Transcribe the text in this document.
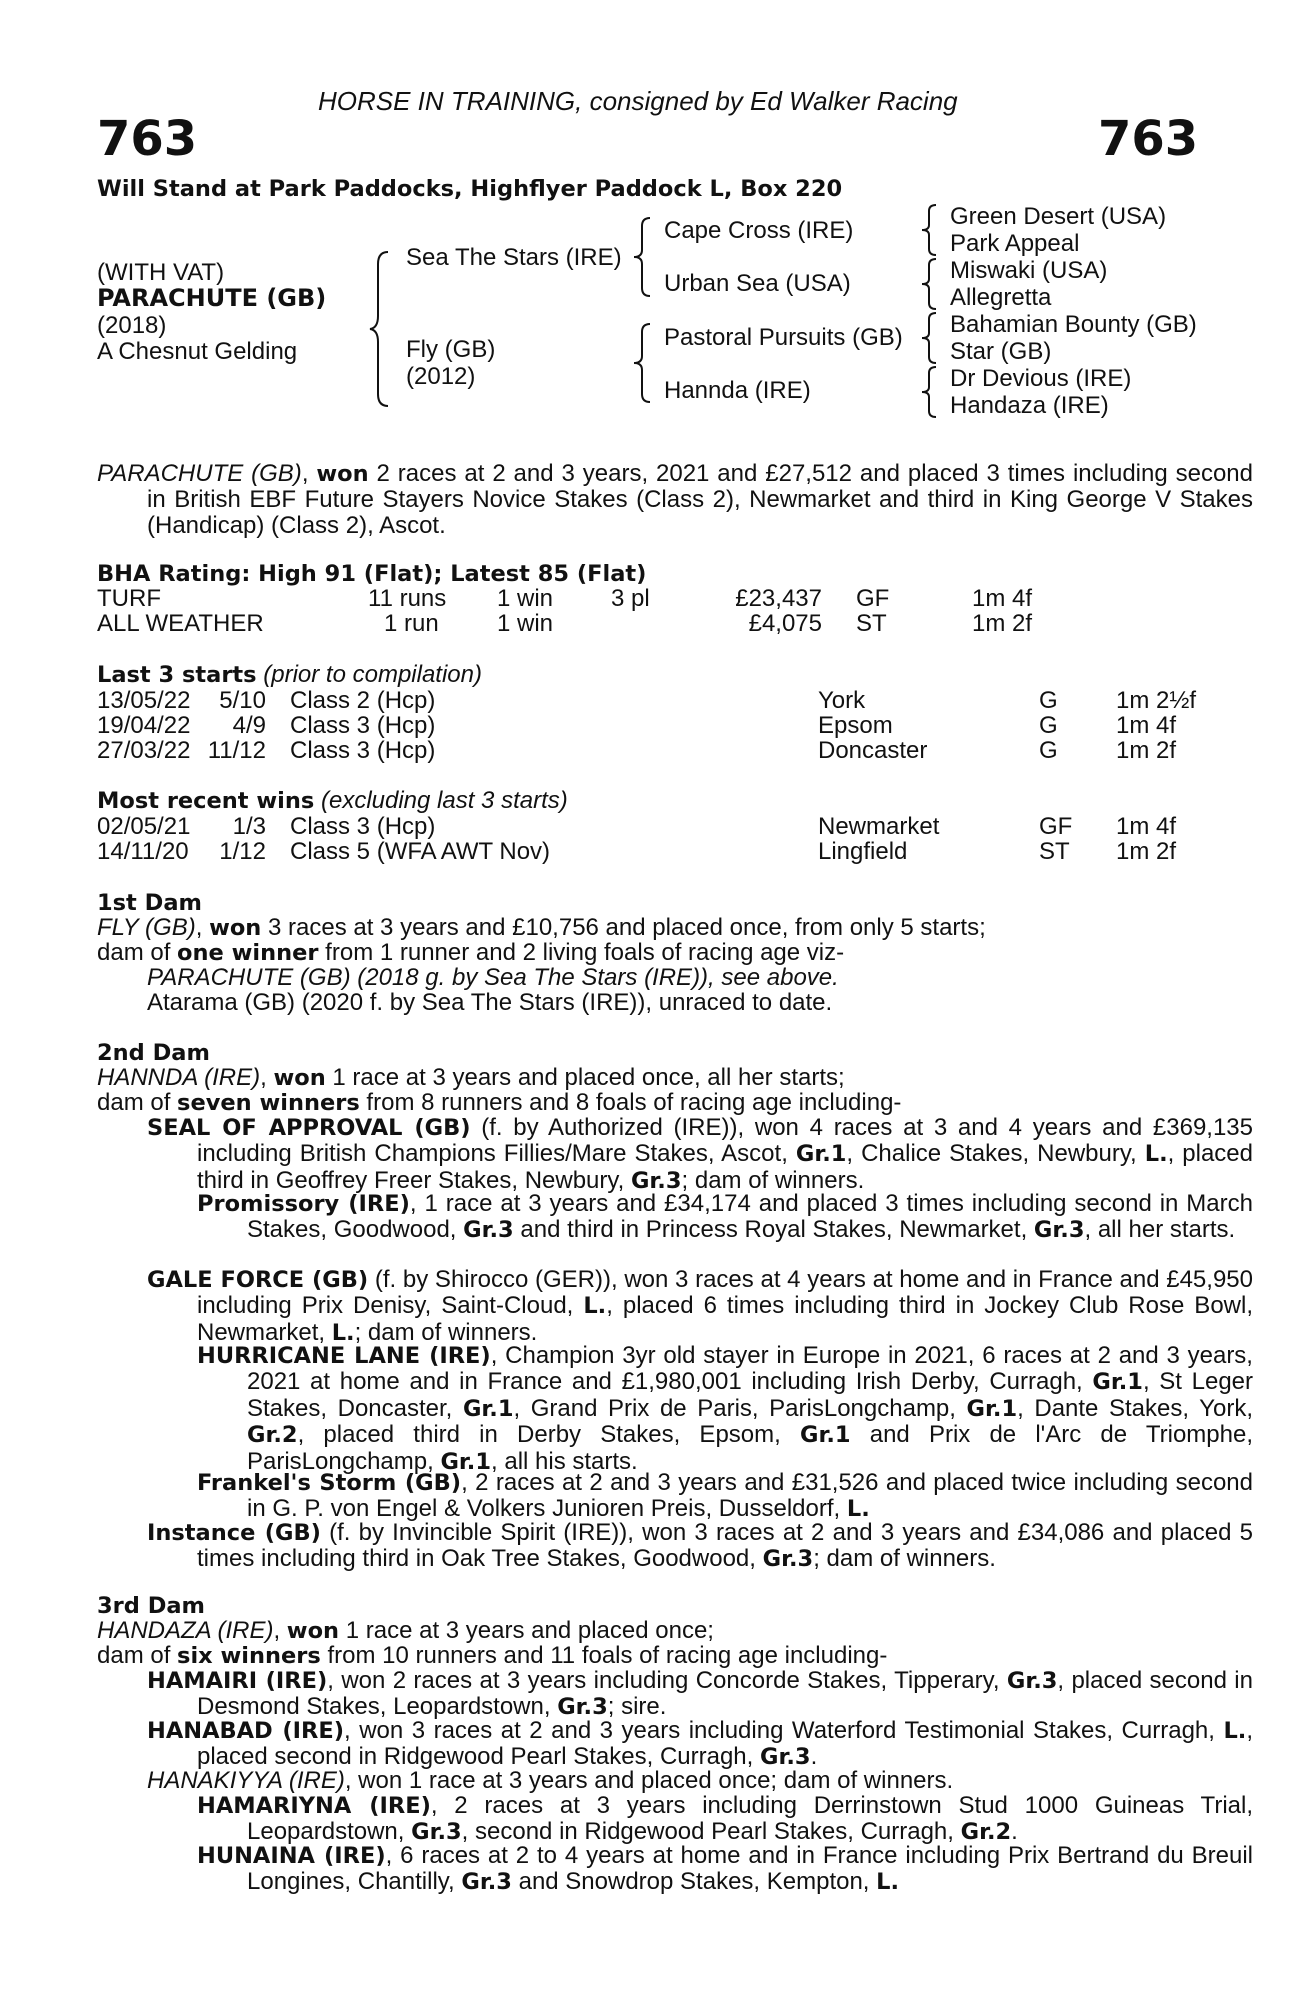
HORSE IN TRAINING, consigned by Ed Walker Racing
763	763
Will Stand at Park Paddocks, Highflyer Paddock L, Box 220
(WITH VAT)
PARACHUTE (GB)
(2018)
A Chesnut Gelding
Sea The Stars (IRE)
Fly (GB)
(2012)
Cape Cross (IRE)
Urban Sea (USA)
Pastoral Pursuits (GB)
Hannda (IRE)
Green Desert (USA)
Park Appeal
Miswaki (USA)
Allegretta
Bahamian Bounty (GB)
Star (GB)
Dr Devious (IRE)
Handaza (IRE)
PARACHUTE (GB), won 2 races at 2 and 3 years, 2021 and £27,512 and placed 3 times including second in British EBF Future Stayers Novice Stakes (Class 2), Newmarket and third in King George V Stakes (Handicap) (Class 2), Ascot.
BHA Rating: High 91 (Flat); Latest 85 (Flat)
TURF	11 runs 1 win 3 pl	£23,437 GF	1m 4f
ALL WEATHER	1 run 1 win	£4,075 ST	1m 2f
Last 3 starts (prior to compilation)
13/05/22 5/10 Class 2 (Hcp)	York	G 1m 2½f
19/04/22 4/9 Class 3 (Hcp)	Epsom	G 1m 4f
27/03/22 11/12 Class 3 (Hcp)	Doncaster	G 1m 2f
Most recent wins (excluding last 3 starts)
02/05/21 1/3 Class 3 (Hcp)	Newmarket	GF 1m 4f
14/11/20 1/12 Class 5 (WFA AWT Nov)	Lingfield	ST 1m 2f
1st Dam
FLY (GB), won 3 races at 3 years and £10,756 and placed once, from only 5 starts;
dam of one winner from 1 runner and 2 living foals of racing age viz-
PARACHUTE (GB) (2018 g. by Sea The Stars (IRE)), see above.
Atarama (GB) (2020 f. by Sea The Stars (IRE)), unraced to date.
2nd Dam
HANNDA (IRE), won 1 race at 3 years and placed once, all her starts;
dam of seven winners from 8 runners and 8 foals of racing age including-
SEAL OF APPROVAL (GB) (f. by Authorized (IRE)), won 4 races at 3 and 4 years and £369,135 including British Champions Fillies/Mare Stakes, Ascot, Gr.1, Chalice Stakes, Newbury, L., placed third in Geoffrey Freer Stakes, Newbury, Gr.3; dam of winners.
Promissory (IRE), 1 race at 3 years and £34,174 and placed 3 times including second in March Stakes, Goodwood, Gr.3 and third in Princess Royal Stakes, Newmarket, Gr.3, all her starts.
GALE FORCE (GB) (f. by Shirocco (GER)), won 3 races at 4 years at home and in France and £45,950 including Prix Denisy, Saint-Cloud, L., placed 6 times including third in Jockey Club Rose Bowl, Newmarket, L.; dam of winners.
HURRICANE LANE (IRE), Champion 3yr old stayer in Europe in 2021, 6 races at 2 and 3 years, 2021 at home and in France and £1,980,001 including Irish Derby, Curragh, Gr.1, St Leger Stakes, Doncaster, Gr.1, Grand Prix de Paris, ParisLongchamp, Gr.1, Dante Stakes, York, Gr.2, placed third in Derby Stakes, Epsom, Gr.1 and Prix de l'Arc de Triomphe, ParisLongchamp, Gr.1, all his starts.
Frankel's Storm (GB), 2 races at 2 and 3 years and £31,526 and placed twice including second in G. P. von Engel & Volkers Junioren Preis, Dusseldorf, L.
Instance (GB) (f. by Invincible Spirit (IRE)), won 3 races at 2 and 3 years and £34,086 and placed 5 times including third in Oak Tree Stakes, Goodwood, Gr.3; dam of winners.
3rd Dam
HANDAZA (IRE), won 1 race at 3 years and placed once;
dam of six winners from 10 runners and 11 foals of racing age including-
HAMAIRI (IRE), won 2 races at 3 years including Concorde Stakes, Tipperary, Gr.3, placed second in Desmond Stakes, Leopardstown, Gr.3; sire.
HANABAD (IRE), won 3 races at 2 and 3 years including Waterford Testimonial Stakes, Curragh, L., placed second in Ridgewood Pearl Stakes, Curragh, Gr.3.
HANAKIYYA (IRE), won 1 race at 3 years and placed once; dam of winners.
HAMARIYNA (IRE), 2 races at 3 years including Derrinstown Stud 1000 Guineas Trial, Leopardstown, Gr.3, second in Ridgewood Pearl Stakes, Curragh, Gr.2.
HUNAINA (IRE), 6 races at 2 to 4 years at home and in France including Prix Bertrand du Breuil Longines, Chantilly, Gr.3 and Snowdrop Stakes, Kempton, L.
